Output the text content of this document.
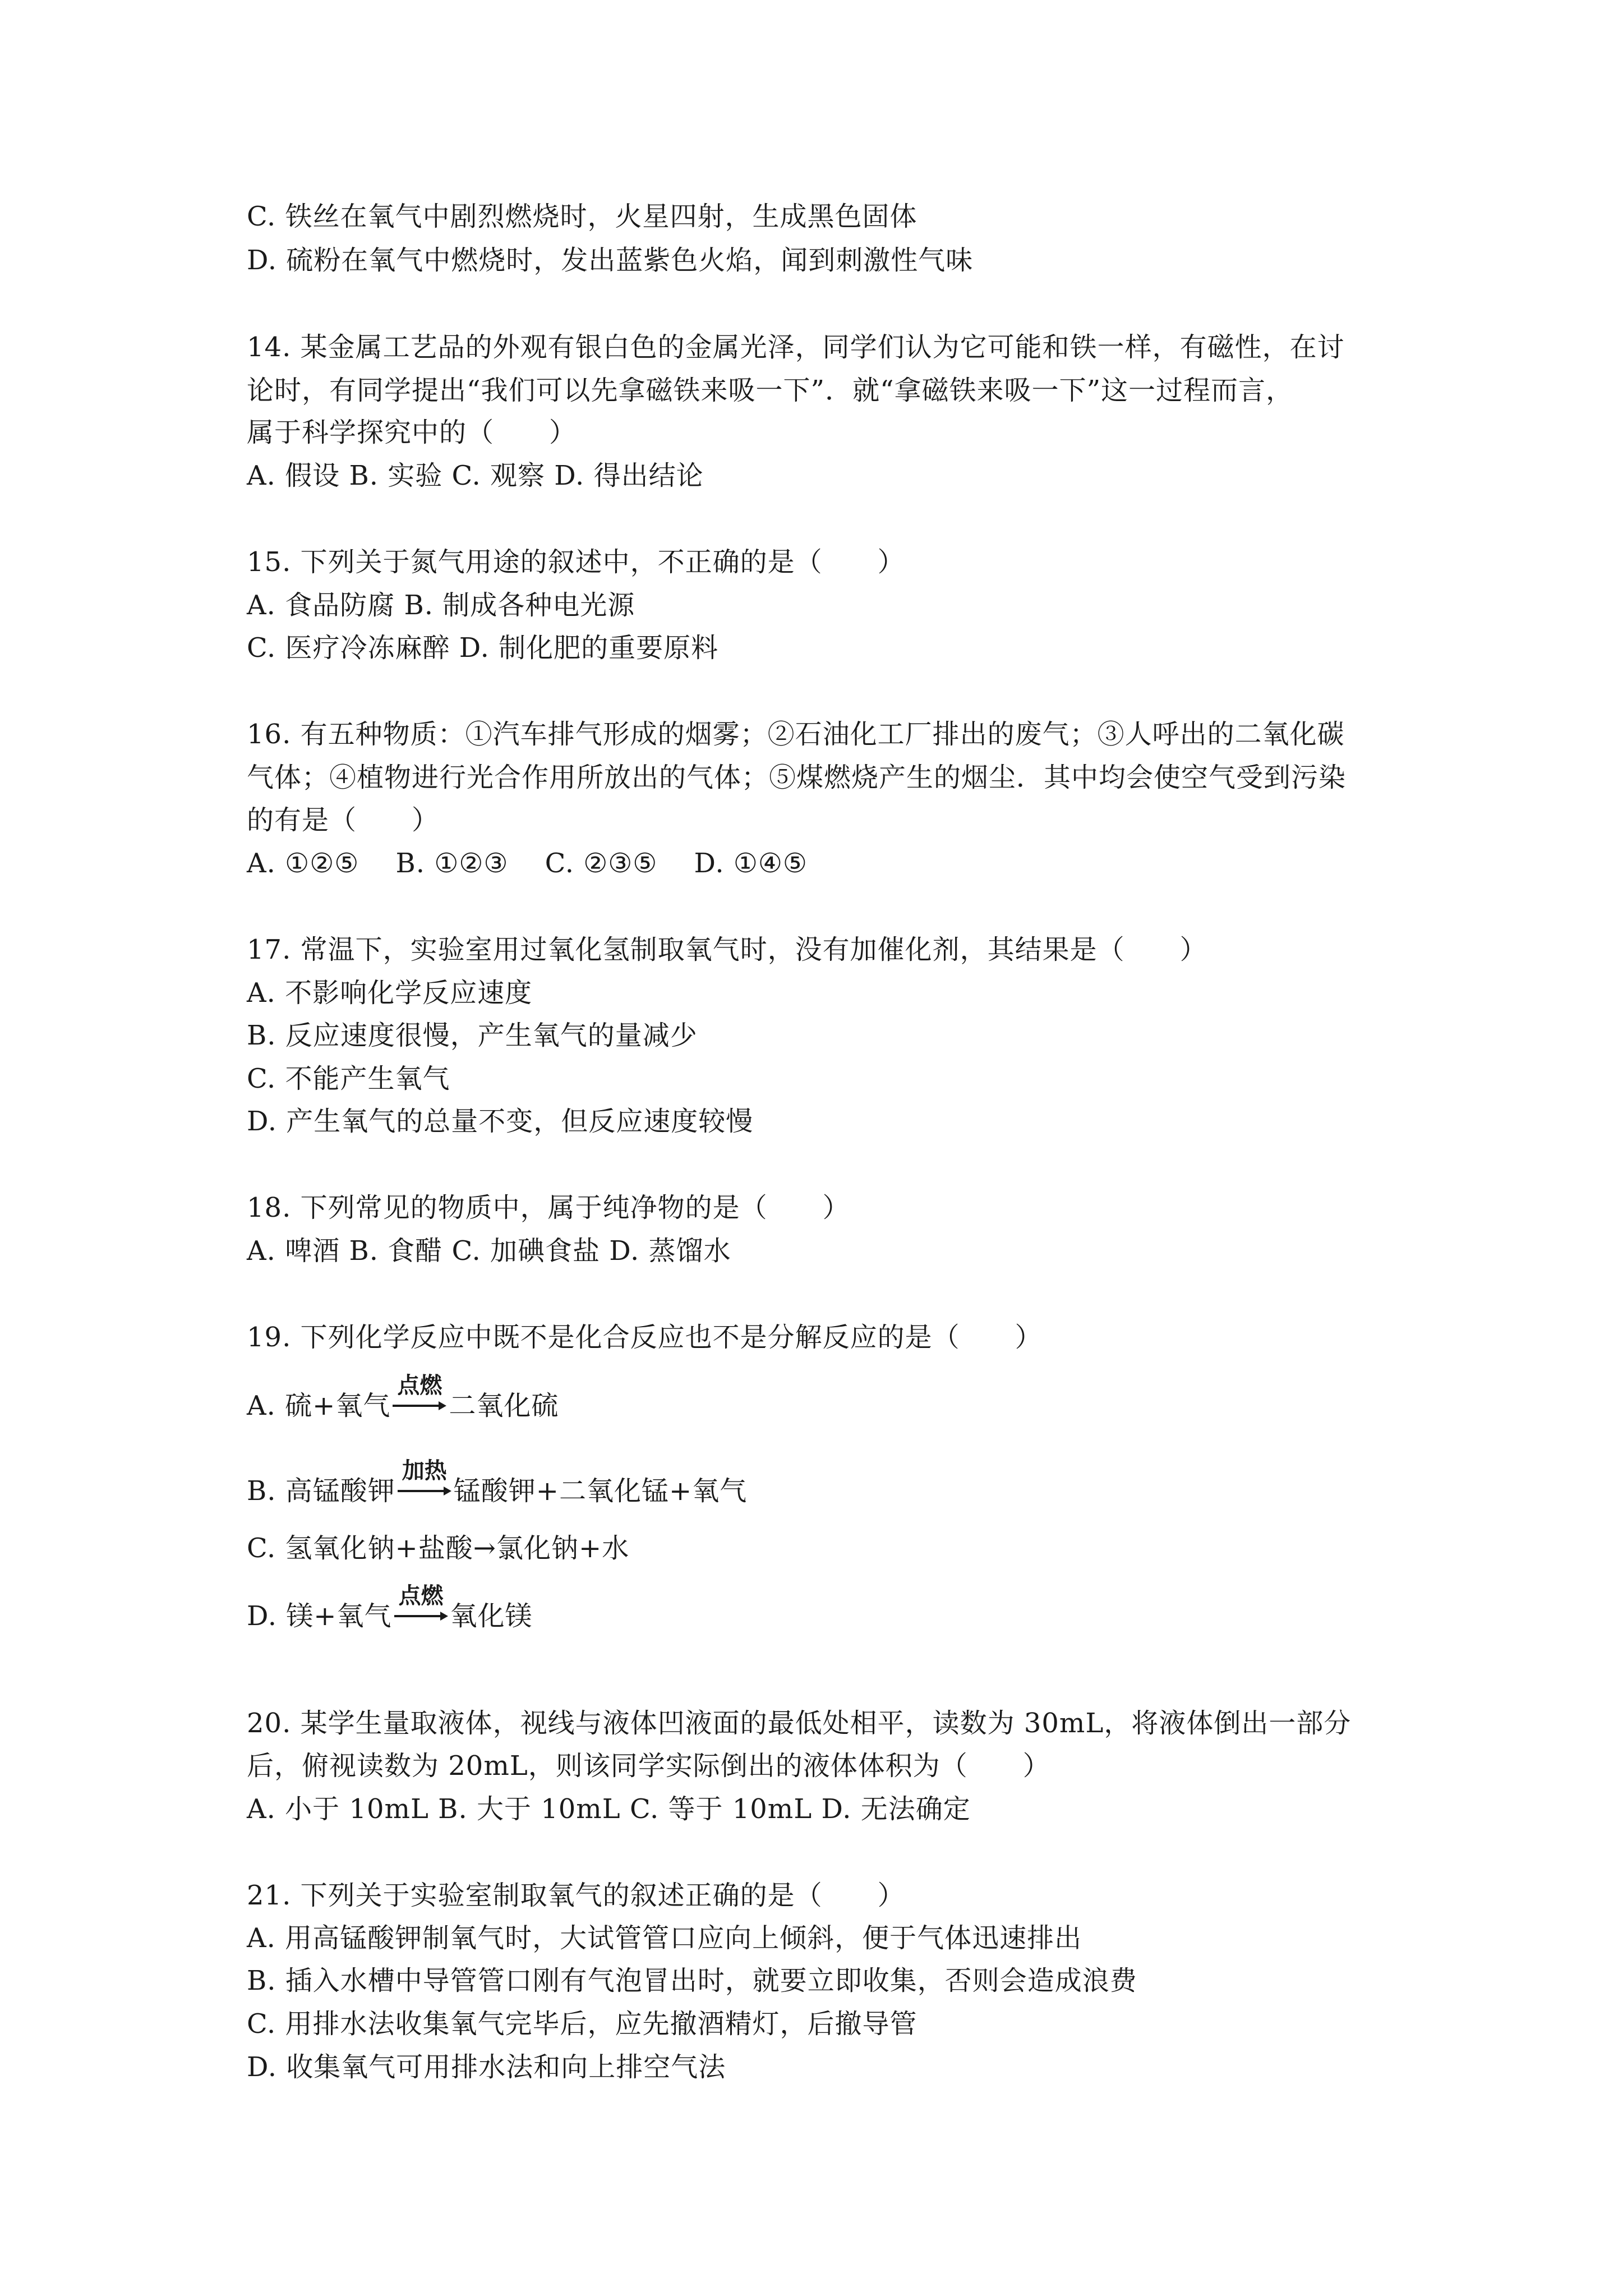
C. 铁丝在氧气中剧烈燃烧时，火星四射，生成黑色固体
D. 硫粉在氧气中燃烧时，发出蓝紫色火焰，闻到刺激性气味
14. 某金属工艺品的外观有银白色的金属光泽，同学们认为它可能和铁一样，有磁性，在讨
论时，有同学提出“我们可以先拿磁铁来吸一下”．就“拿磁铁来吸一下”这一过程而言，
属于科学探究中的（　　）
A. 假设 B. 实验 C. 观察 D. 得出结论
15. 下列关于氮气用途的叙述中，不正确的是（　　）
A. 食品防腐 B. 制成各种电光源
C. 医疗冷冻麻醉 D. 制化肥的重要原料
16. 有五种物质：①汽车排气形成的烟雾；②石油化工厂排出的废气；③人呼出的二氧化碳
气体；④植物进行光合作用所放出的气体；⑤煤燃烧产生的烟尘．其中均会使空气受到污染
的有是（　　）
A. ①②⑤　 B. ①②③　 C. ②③⑤　 D. ①④⑤
17. 常温下，实验室用过氧化氢制取氧气时，没有加催化剂，其结果是（　　）
A. 不影响化学反应速度
B. 反应速度很慢，产生氧气的量减少
C. 不能产生氧气
D. 产生氧气的总量不变，但反应速度较慢
18. 下列常见的物质中，属于纯净物的是（　　）
A. 啤酒 B. 食醋 C. 加碘食盐 D. 蒸馏水
19. 下列化学反应中既不是化合反应也不是分解反应的是（　　）
A. 硫+氧气
点燃
二氧化硫
B. 高锰酸钾
加热
锰酸钾+二氧化锰+氧气
C. 氢氧化钠+盐酸→氯化钠+水
D. 镁+氧气
点燃
氧化镁
20. 某学生量取液体，视线与液体凹液面的最低处相平，读数为 30mL，将液体倒出一部分
后，俯视读数为 20mL，则该同学实际倒出的液体体积为（　　）
A. 小于 10mL B. 大于 10mL C. 等于 10mL D. 无法确定
21. 下列关于实验室制取氧气的叙述正确的是（　　）
A. 用高锰酸钾制氧气时，大试管管口应向上倾斜，便于气体迅速排出
B. 插入水槽中导管管口刚有气泡冒出时，就要立即收集，否则会造成浪费
C. 用排水法收集氧气完毕后，应先撤酒精灯，后撤导管
D. 收集氧气可用排水法和向上排空气法
